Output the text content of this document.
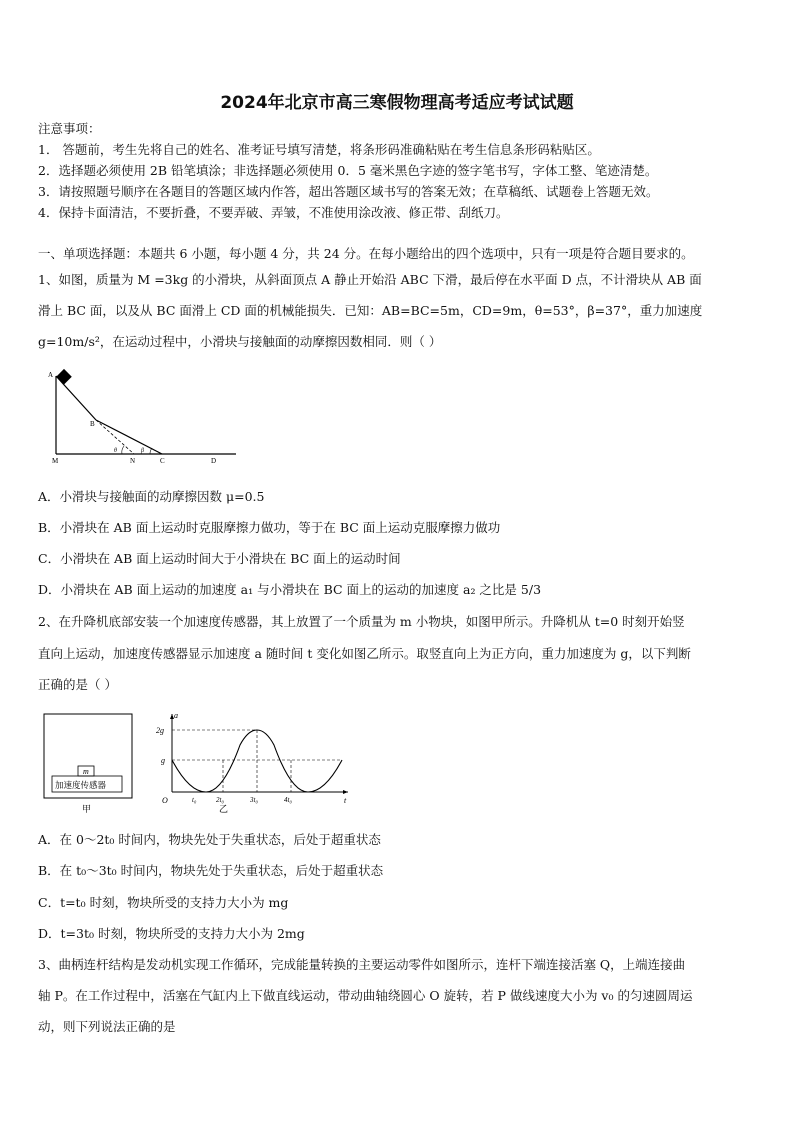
2024年北京市高三寒假物理高考适应考试试题
注意事项：
1． 答题前，考生先将自己的姓名、准考证号填写清楚，将条形码准确粘贴在考生信息条形码粘贴区。
2．选择题必须使用 2B 铅笔填涂；非选择题必须使用 0．5 毫米黑色字迹的签字笔书写，字体工整、笔迹清楚。
3．请按照题号顺序在各题目的答题区域内作答，超出答题区域书写的答案无效；在草稿纸、试题卷上答题无效。
4．保持卡面清洁，不要折叠，不要弄破、弄皱，不准使用涂改液、修正带、刮纸刀。
一、单项选择题：本题共 6 小题，每小题 4 分，共 24 分。在每小题给出的四个选项中，只有一项是符合题目要求的。
1、如图，质量为 M =3kg 的小滑块，从斜面顶点 A 静止开始沿 ABC 下滑，最后停在水平面 D 点，不计滑块从 AB 面
滑上 BC 面，以及从 BC 面滑上 CD 面的机械能损失．已知：AB=BC=5m，CD=9m，θ=53°，β=37°，重力加速度
g=10m/s²，在运动过程中，小滑块与接触面的动摩擦因数相同．则（ ）
A
B
θ	β
M	N	C	D
A．小滑块与接触面的动摩擦因数 μ=0.5
B．小滑块在 AB 面上运动时克服摩擦力做功，等于在 BC 面上运动克服摩擦力做功
C．小滑块在 AB 面上运动时间大于小滑块在 BC 面上的运动时间
D．小滑块在 AB 面上运动的加速度 a₁ 与小滑块在 BC 面上的运动的加速度 a₂ 之比是 5/3
2、在升降机底部安装一个加速度传感器，其上放置了一个质量为 m 小物块，如图甲所示。升降机从 t=0 时刻开始竖
直向上运动，加速度传感器显示加速度 a 随时间 t 变化如图乙所示。取竖直向上为正方向，重力加速度为 g，以下判断
正确的是（ ）
m
加速度传感器
甲
a
t
O
2g
g
t₀	2t₀	3t₀	4t₀
乙
A．在 0～2t₀ 时间内，物块先处于失重状态，后处于超重状态
B．在 t₀～3t₀ 时间内，物块先处于失重状态，后处于超重状态
C．t=t₀ 时刻，物块所受的支持力大小为 mg
D．t=3t₀ 时刻，物块所受的支持力大小为 2mg
3、曲柄连杆结构是发动机实现工作循环，完成能量转换的主要运动零件如图所示，连杆下端连接活塞 Q，上端连接曲
轴 P。在工作过程中，活塞在气缸内上下做直线运动，带动曲轴绕圆心 O 旋转，若 P 做线速度大小为 v₀ 的匀速圆周运
动，则下列说法正确的是
